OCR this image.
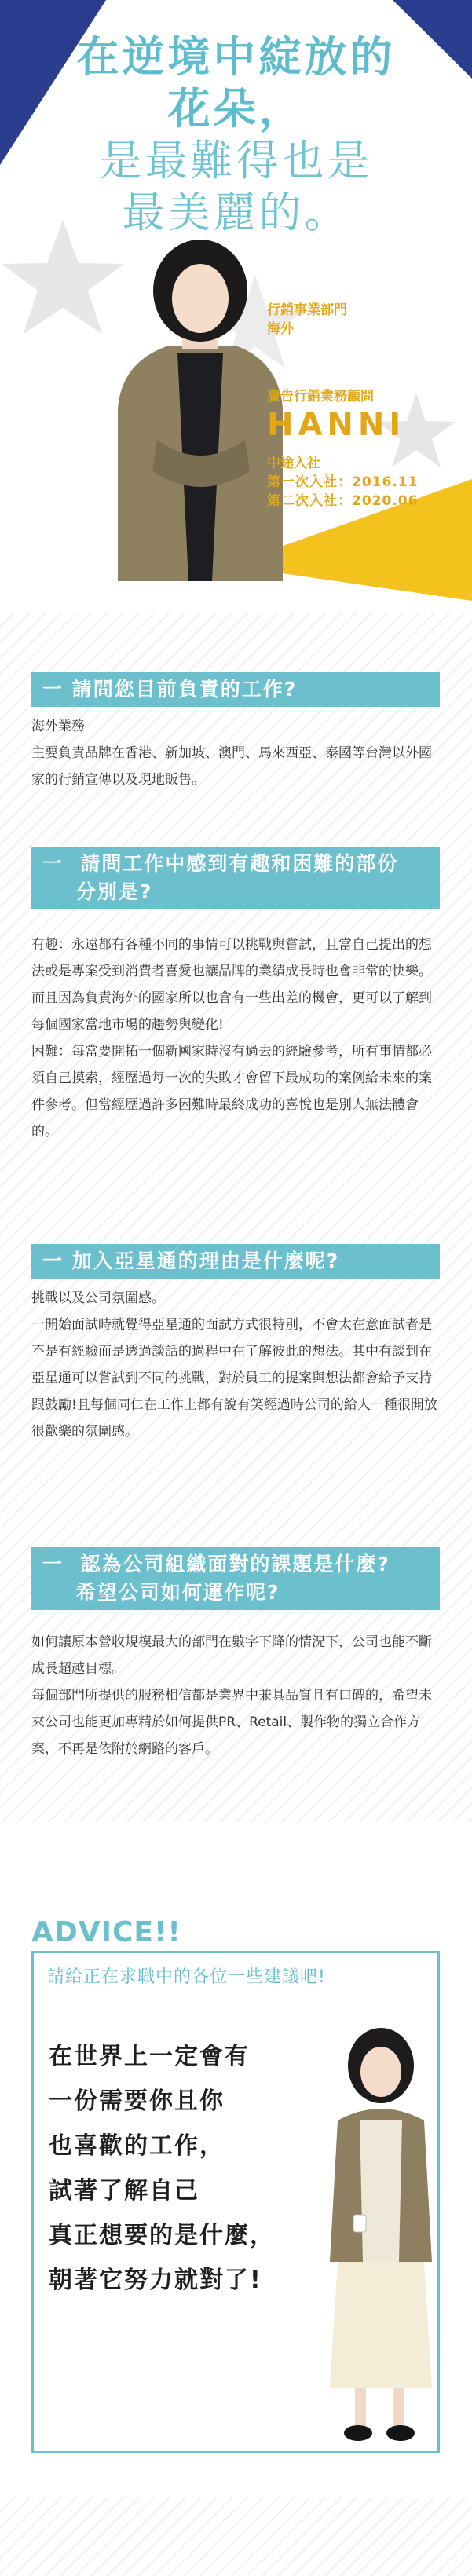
在逆境中綻放的
花朵，
是最難得也是
最美麗的。
行銷事業部門
海外
廣告行銷業務顧問
HANNI
中途入社
第一次入社：2016.11
第二次入社：2020.06
一 請問您目前負責的工作?

海外業務

主要負責品牌在香港、新加坡、澳門、馬來西亞、泰國等台灣以外國家的行銷宣傳以及現地販售。

一  請問工作中感到有趣和困難的部份
分別是?

有趣：永遠都有各種不同的事情可以挑戰與嘗試，且當自己提出的想法或是專案受到消費者喜愛也讓品牌的業績成長時也會非常的快樂。而且因為負責海外的國家所以也會有一些出差的機會，更可以了解到每個國家當地市場的趨勢與變化!

困難：每當要開拓一個新國家時沒有過去的經驗參考，所有事情都必須自己摸索，經歷過每一次的失敗才會留下最成功的案例給未來的案件參考。但當經歷過許多困難時最終成功的喜悅也是別人無法體會的。

一 加入亞星通的理由是什麼呢?

挑戰以及公司氛圍感。

一開始面試時就覺得亞星通的面試方式很特別，不會太在意面試者是不是有經驗而是透過談話的過程中在了解彼此的想法。其中有談到在亞星通可以嘗試到不同的挑戰，對於員工的提案與想法都會給予支持跟鼓勵!且每個同仁在工作上都有說有笑經過時公司的給人一種很開放很歡樂的氛圍感。

一  認為公司組織面對的課題是什麼?
希望公司如何運作呢?

如何讓原本營收規模最大的部門在數字下降的情況下，公司也能不斷成長超越目標。

每個部門所提供的服務相信都是業界中兼具品質且有口碑的，希望未來公司也能更加專精於如何提供PR、Retail、製作物的獨立合作方案，不再是依附於網路的客戶。

ADVICE!!
請給正在求職中的各位一些建議吧!
在世界上一定會有
一份需要你且你
也喜歡的工作，
試著了解自己
真正想要的是什麼，
朝著它努力就對了!
